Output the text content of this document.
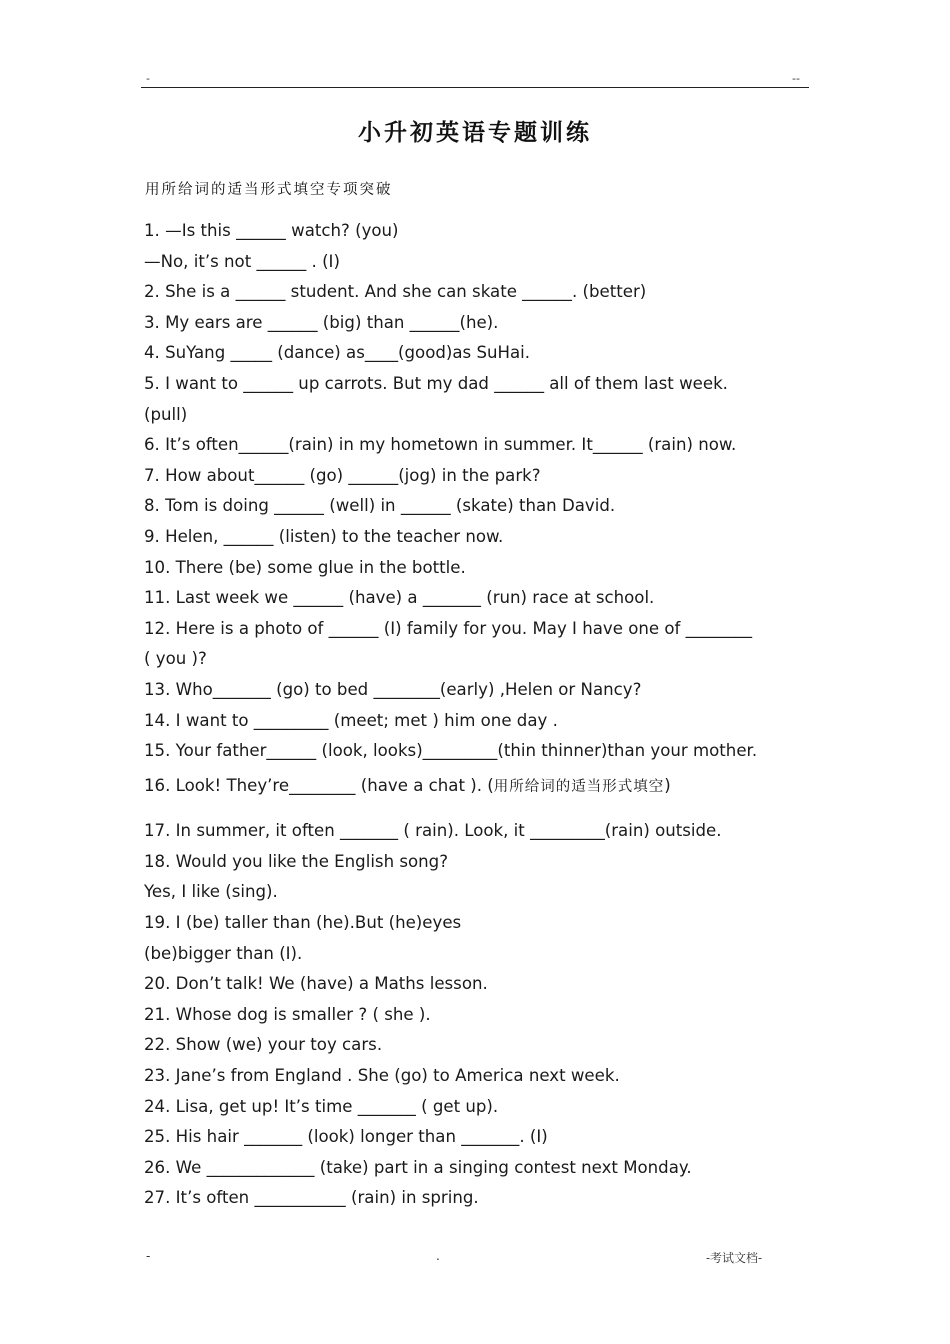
-	--
小升初英语专题训练
用所给词的适当形式填空专项突破
1. —Is this ______ watch? (you)
—No, it’s not ______ . (I)
2. She is a ______ student. And she can skate ______. (better)
3. My ears are ______ (big) than ______(he).
4. SuYang _____ (dance) as____(good)as SuHai.
5. I want to ______ up carrots. But my dad ______ all of them last week.
(pull)
6. It’s often______(rain) in my hometown in summer. It______ (rain) now.
7. How about______ (go) ______(jog) in the park?
8. Tom is doing ______ (well) in ______ (skate) than David.
9. Helen, ______ (listen) to the teacher now.
10. There (be) some glue in the bottle.
11. Last week we ______ (have) a _______ (run) race at school.
12. Here is a photo of ______ (I) family for you. May I have one of ________
( you )?
13. Who_______ (go) to bed ________(early) ,Helen or Nancy?
14. I want to _________ (meet; met ) him one day .
15. Your father______ (look, looks)_________(thin thinner)than your mother.
16. Look! They’re________ (have a chat ). (用所给词的适当形式填空)
17. In summer, it often _______ ( rain). Look, it _________(rain) outside.
18. Would you like the English song?
Yes, I like (sing).
19. I (be) taller than (he).But (he)eyes
(be)bigger than (I).
20. Don’t talk! We (have) a Maths lesson.
21. Whose dog is smaller ? ( she ).
22. Show (we) your toy cars.
23. Jane’s from England . She (go) to America next week.
24. Lisa, get up! It’s time _______ ( get up).
25. His hair _______ (look) longer than _______. (I)
26. We _____________ (take) part in a singing contest next Monday.
27. It’s often ___________ (rain) in spring.
-	.	-考试文档-
